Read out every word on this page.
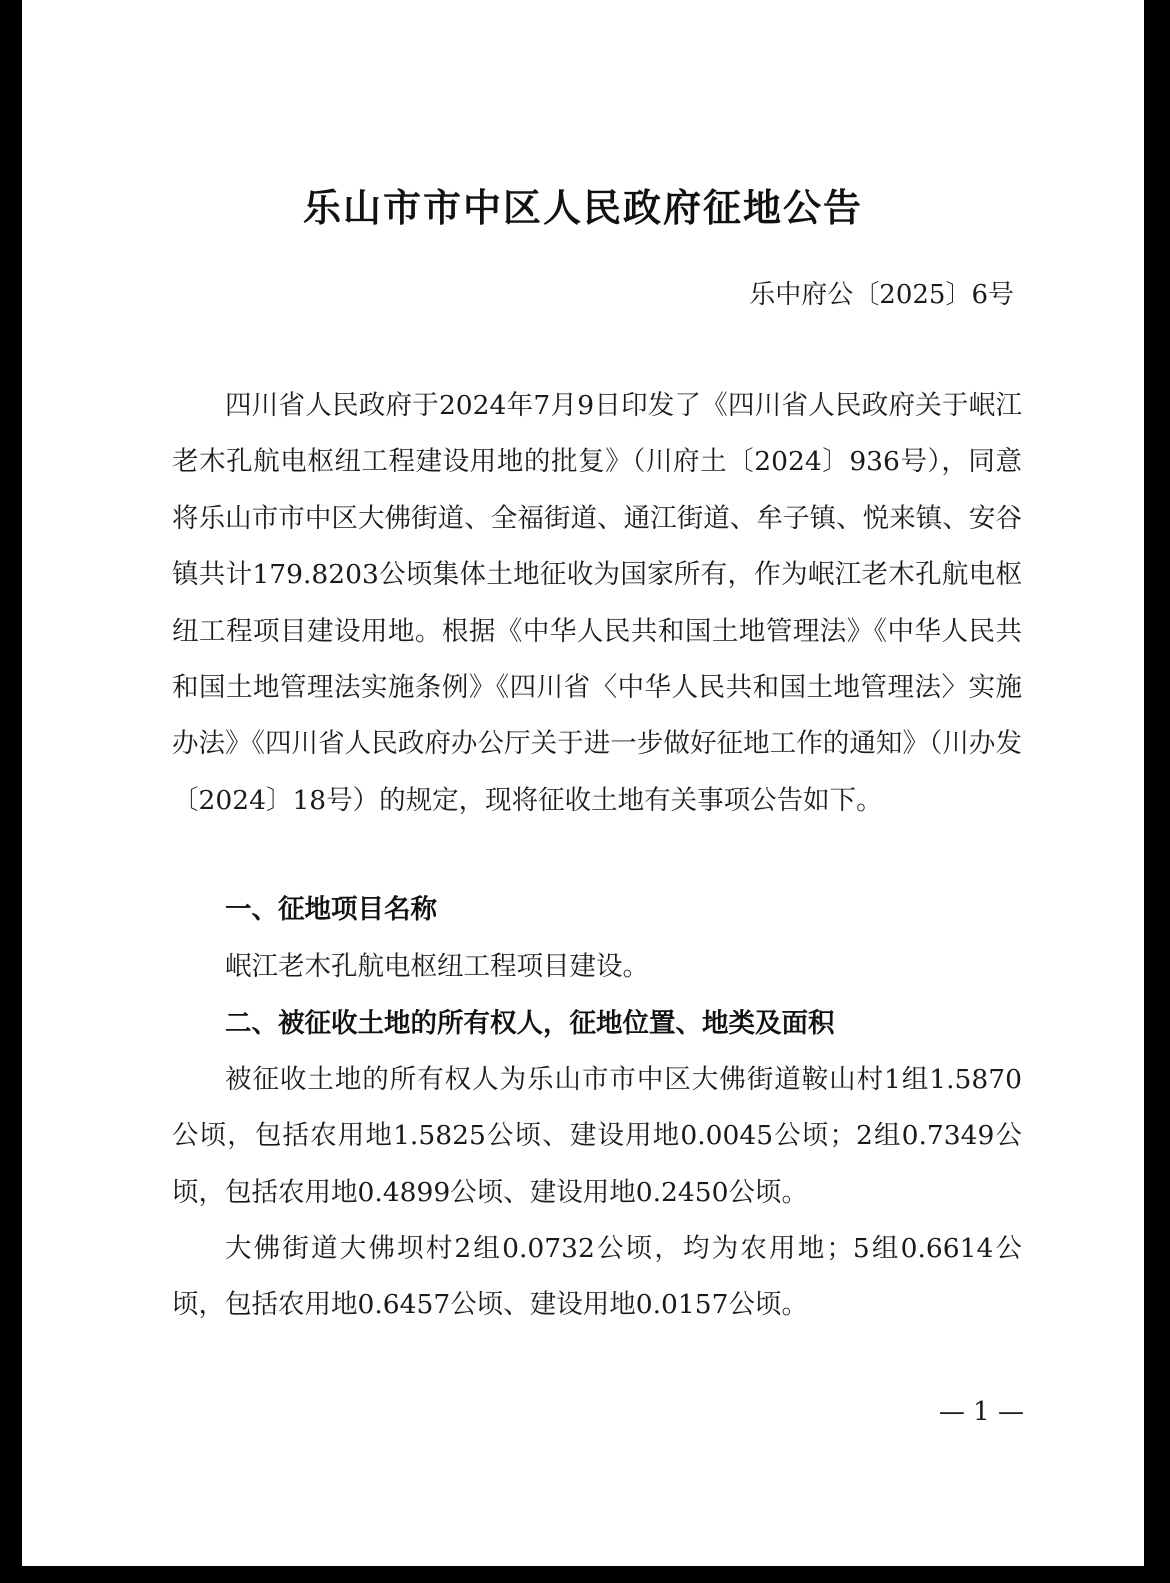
乐山市市中区人民政府征地公告
乐中府公〔2025〕6号

四川省人民政府于2024年7月9日印发了《四川省人民政府关于岷江老木孔航电枢纽工程建设用地的批复》（川府土〔2024〕936号），同意将乐山市市中区大佛街道、全福街道、通江街道、牟子镇、悦来镇、安谷镇共计179.8203公顷集体土地征收为国家所有，作为岷江老木孔航电枢纽工程项目建设用地。根据《中华人民共和国土地管理法》《中华人民共和国土地管理法实施条例》《四川省〈中华人民共和国土地管理法〉实施办法》《四川省人民政府办公厅关于进一步做好征地工作的通知》（川办发〔2024〕18号）的规定，现将征收土地有关事项公告如下。

一、征地项目名称

岷江老木孔航电枢纽工程项目建设。

二、被征收土地的所有权人，征地位置、地类及面积

被征收土地的所有权人为乐山市市中区大佛街道鞍山村1组1.5870公顷，包括农用地1.5825公顷、建设用地0.0045公顷；2组0.7349公顷，包括农用地0.4899公顷、建设用地0.2450公顷。

大佛街道大佛坝村2组0.0732公顷，均为农用地；5组0.6614公顷，包括农用地0.6457公顷、建设用地0.0157公顷。

— 1 —
